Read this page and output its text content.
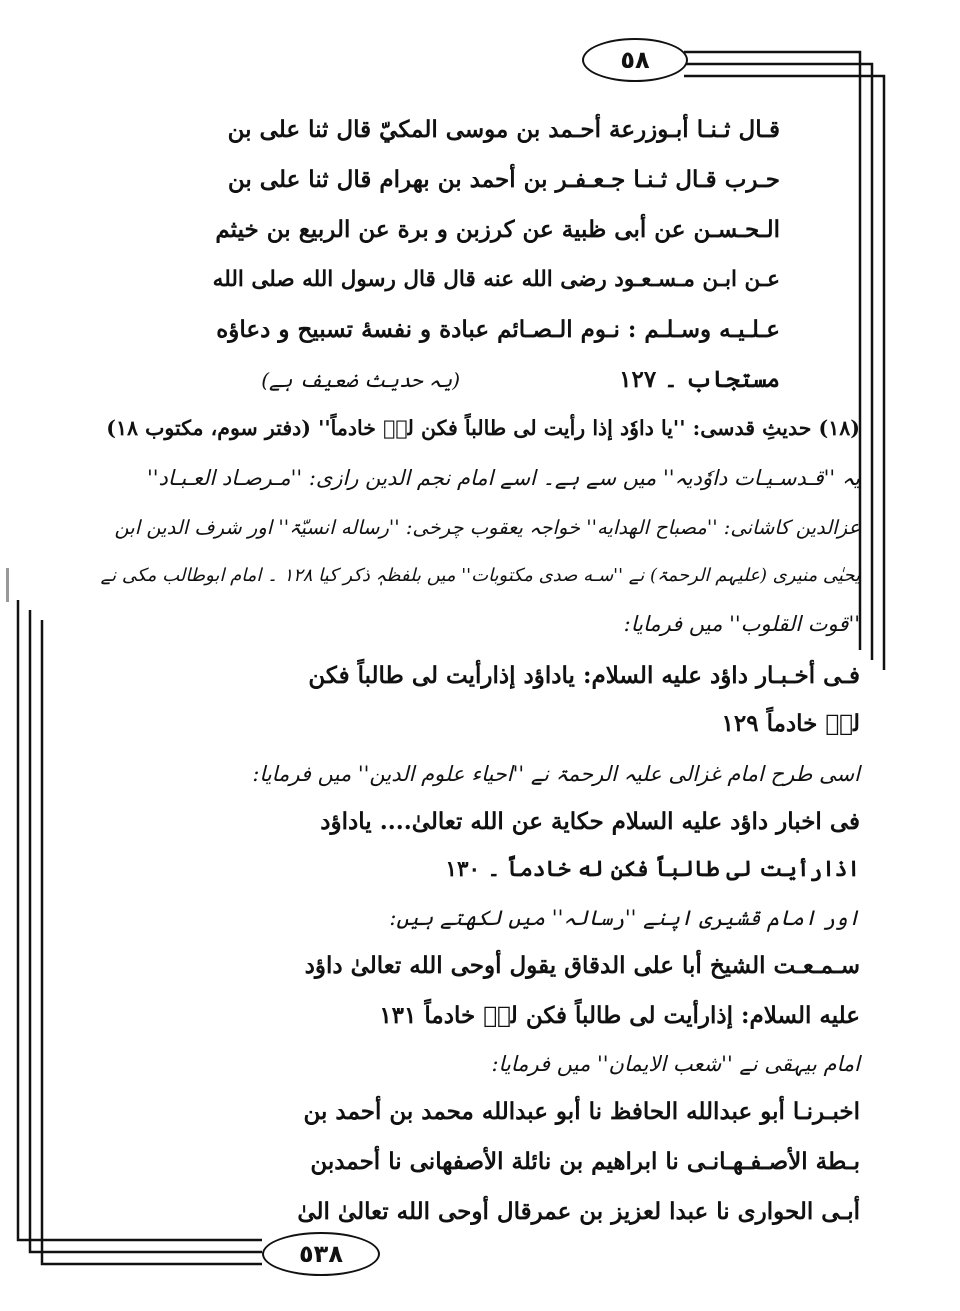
٥٨
٥٣٨
قـال ثـنـا أبـوزرعة أحـمد بن موسى المكيّ قال ثنا على بن
حـرب قـال ثـنـا جـعـفـر بن أحمد بن بهرام قال ثنا على بن
الـحـسـن عن أبى ظبية عن كرزبن و برة عن الربيع بن خيثم
عـن ابـن مـسـعـود رضى الله عنه قال قال رسول الله صلى الله
عـلـيـه وسـلـم : نـوم الـصـائم عبادة و نفسهٔ تسبيح و دعاؤه
مستجاب ۔ ۱۲۷
(یہ حدیث ضعیف ہے)
(۱۸) حدیثِ قدسی: ''یا داوٗد إذا رأیت لی طالباً فکن لہٗ خادماً'' (دفتر سوم، مکتوب ۱۸)
یہ ''قـدسـیـات داوٗدیہ'' میں سے ہے۔ اسے امام نجم الدین رازی: ''مـرصـاد العـبـاد''
عزالدین کاشانی: ''مصباح الهدایه'' خواجہ یعقوب چرخی: ''رساله انسیّۃ'' اور شرف الدین ابن
یحیٰی منیری (علیہم الرحمۃ) نے ''سـه صدی مکتوبات'' میں بلفظہٖ ذکر کیا ۱۲۸ ۔ امام ابوطالب مکی نے
''قوت القلوب'' میں فرمایا:
فـی أخـبـار داؤد علیه السلام: یاداؤد إذارأیت لی طالباً فکن
لہٗ خادماً ۱۲۹
اسی طرح امام غزالی علیہ الرحمۃ نے ''احیاء علوم الدین'' میں فرمایا:
فی اخبار داؤد علیه السلام حکایة عن الله تعالیٰ.... یاداؤد
اذارأیت لی طالباً فکن له خادماً ۔ ۱۳۰
اور امام قشیری اپنے ''رسالہ'' میں لکھتے ہیں:
سـمـعـت الشیخ أبا علی الدقاق یقول أوحی الله تعالیٰ داؤد
علیه السلام: إذارأیت لی طالباً فکن لہٗ خادماً ۱۳۱
امام بیہقی نے ''شعب الایمان'' میں فرمایا:
اخبـرنـا أبو عبدالله الحافظ نا أبو عبدالله محمد بن أحمد بن
بـطة الأصـفـهـانـی نا ابراهیم بن نائلة الأصفهانی نا أحمدبن
أبـی الحواری نا عبدا لعزیز بن عمرقال أوحی الله تعالیٰ الیٰ
